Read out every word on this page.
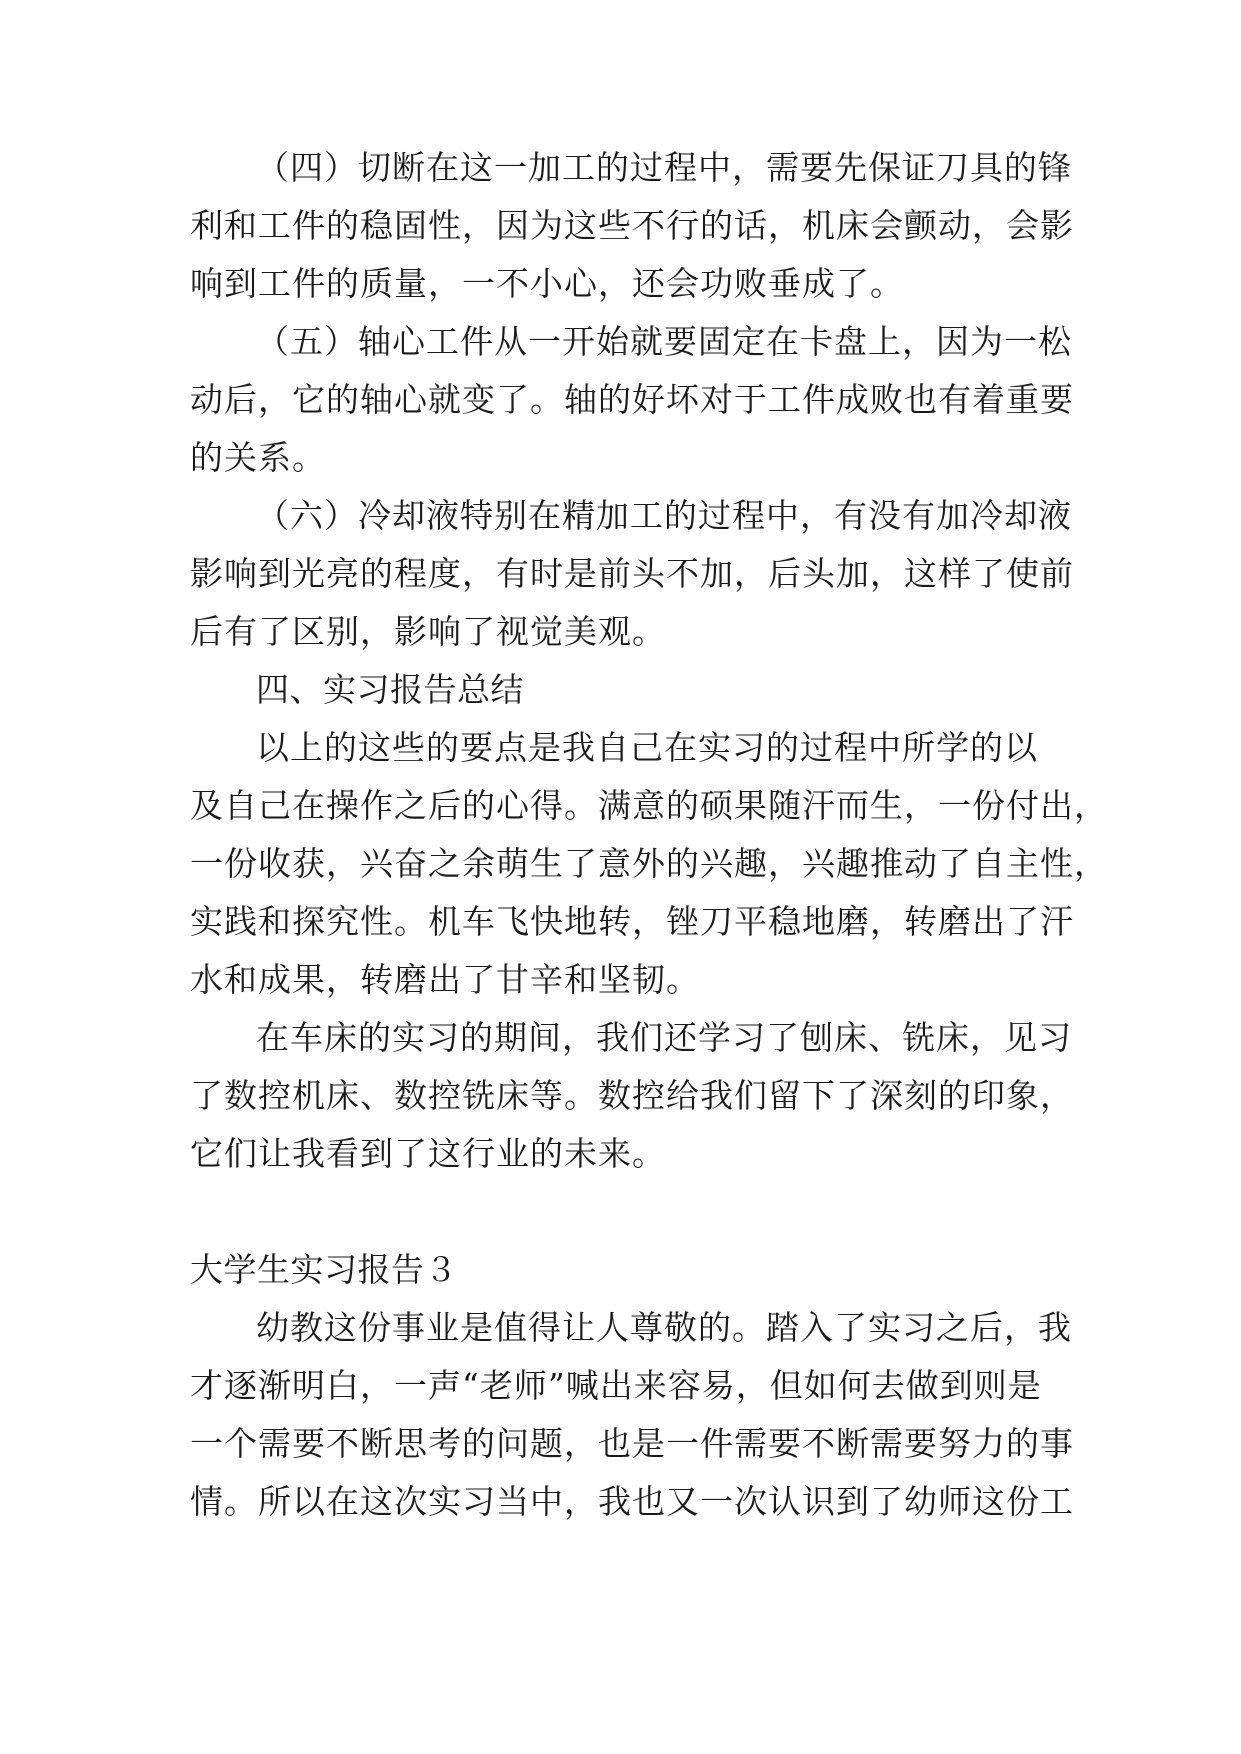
（四）切断在这一加工的过程中，需要先保证刀具的锋
利和工件的稳固性，因为这些不行的话，机床会颤动，会影
响到工件的质量，一不小心，还会功败垂成了。
（五）轴心工件从一开始就要固定在卡盘上，因为一松
动后，它的轴心就变了。轴的好坏对于工件成败也有着重要
的关系。
（六）冷却液特别在精加工的过程中，有没有加冷却液
影响到光亮的程度，有时是前头不加，后头加，这样了使前
后有了区别，影响了视觉美观。
四、实习报告总结
以上的这些的要点是我自己在实习的过程中所学的以
及自己在操作之后的心得。满意的硕果随汗而生，一份付出，
一份收获，兴奋之余萌生了意外的兴趣，兴趣推动了自主性，
实践和探究性。机车飞快地转，锉刀平稳地磨，转磨出了汗
水和成果，转磨出了甘辛和坚韧。
在车床的实习的期间，我们还学习了刨床、铣床，见习
了数控机床、数控铣床等。数控给我们留下了深刻的印象，
它们让我看到了这行业的未来。
大学生实习报告３
幼教这份事业是值得让人尊敬的。踏入了实习之后，我
才逐渐明白，一声“老师”喊出来容易，但如何去做到则是
一个需要不断思考的问题，也是一件需要不断需要努力的事
情。所以在这次实习当中，我也又一次认识到了幼师这份工
